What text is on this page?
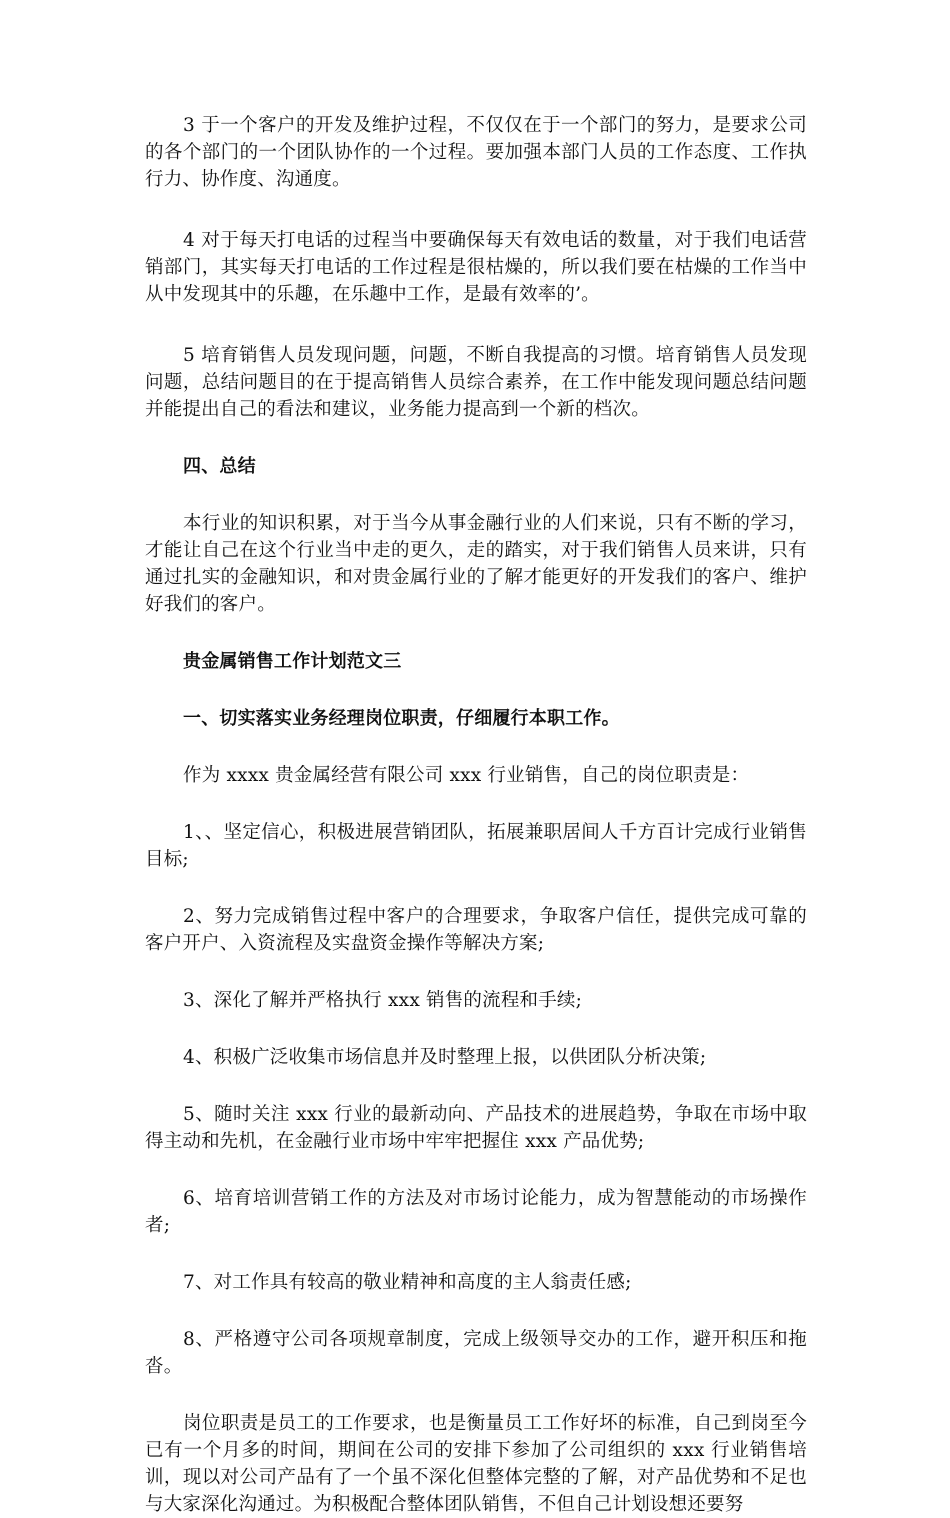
3 于一个客户的开发及维护过程，不仅仅在于一个部门的努力，是要求公司的各个部门的一个团队协作的一个过程。要加强本部门人员的工作态度、工作执行力、协作度、沟通度。

4 对于每天打电话的过程当中要确保每天有效电话的数量，对于我们电话营销部门，其实每天打电话的工作过程是很枯燥的，所以我们要在枯燥的工作当中从中发现其中的乐趣，在乐趣中工作，是最有效率的’。

5 培育销售人员发现问题，问题，不断自我提高的习惯。培育销售人员发现问题，总结问题目的在于提高销售人员综合素养，在工作中能发现问题总结问题并能提出自己的看法和建议，业务能力提高到一个新的档次。

四、总结

本行业的知识积累，对于当今从事金融行业的人们来说，只有不断的学习，才能让自己在这个行业当中走的更久，走的踏实，对于我们销售人员来讲，只有通过扎实的金融知识，和对贵金属行业的了解才能更好的开发我们的客户、维护好我们的客户。

贵金属销售工作计划范文三

一、切实落实业务经理岗位职责，仔细履行本职工作。

作为 xxxx 贵金属经营有限公司 xxx 行业销售，自己的岗位职责是：

1、、坚定信心，积极进展营销团队，拓展兼职居间人千方百计完成行业销售目标;

2、努力完成销售过程中客户的合理要求，争取客户信任，提供完成可靠的客户开户、入资流程及实盘资金操作等解决方案;

3、深化了解并严格执行 xxx 销售的流程和手续;

4、积极广泛收集市场信息并及时整理上报，以供团队分析决策;

5、随时关注 xxx 行业的最新动向、产品技术的进展趋势，争取在市场中取得主动和先机，在金融行业市场中牢牢把握住 xxx 产品优势;

6、培育培训营销工作的方法及对市场讨论能力，成为智慧能动的市场操作者;

7、对工作具有较高的敬业精神和高度的主人翁责任感;

8、严格遵守公司各项规章制度，完成上级领导交办的工作，避开积压和拖沓。

岗位职责是员工的工作要求，也是衡量员工工作好坏的标准，自己到岗至今已有一个月多的时间，期间在公司的安排下参加了公司组织的 xxx 行业销售培训，现以对公司产品有了一个虽不深化但整体完整的了解，对产品优势和不足也与大家深化沟通过。为积极配合整体团队销售，不但自己计划设想还要努
